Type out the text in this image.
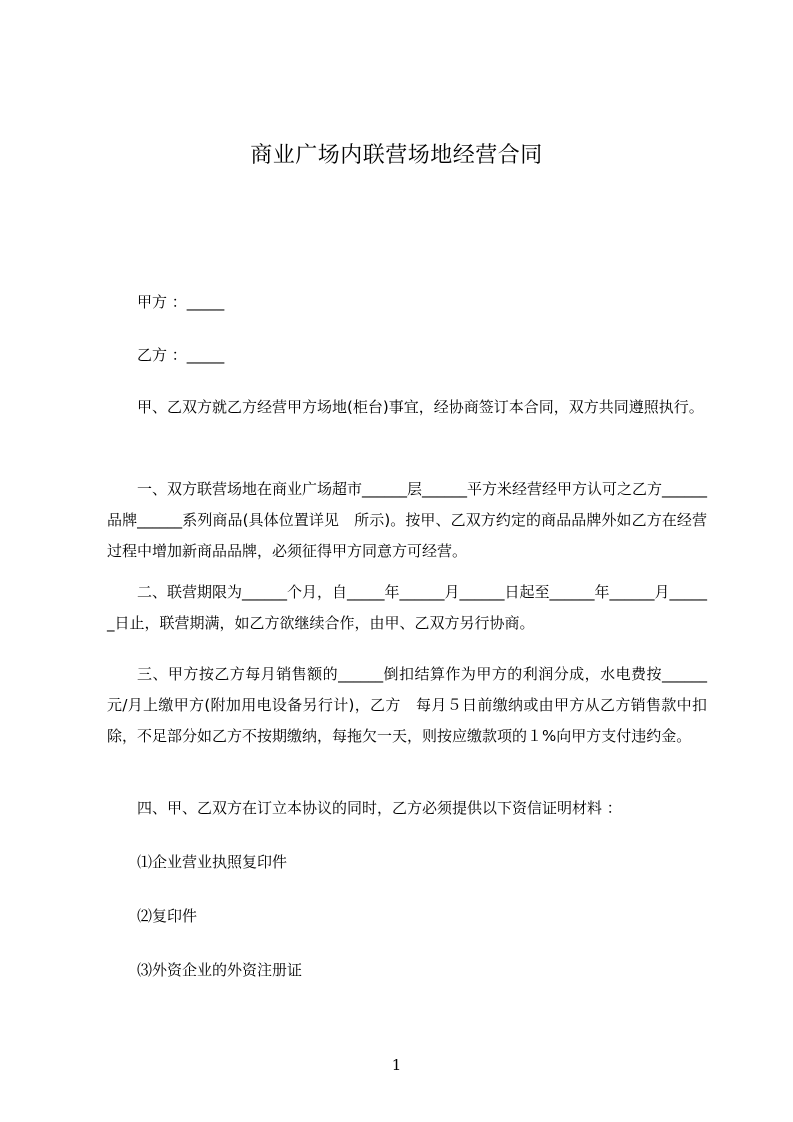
商业广场内联营场地经营合同
甲方 ：_____
乙方 ：_____
甲、乙双方就乙方经营甲方场地(柜台)事宜，经协商签订本合同，双方共同遵照执行。
一、双方联营场地在商业广场超市______层______平方米经营经甲方认可之乙方______品牌______系列商品(具体位置详见　所示)。按甲、乙双方约定的商品品牌外如乙方在经营过程中增加新商品品牌，必须征得甲方同意方可经营。
二、联营期限为______个月，自_____年______月______日起至______年______月______日止，联营期满，如乙方欲继续合作，由甲、乙双方另行协商。
三、甲方按乙方每月销售额的______倒扣结算作为甲方的利润分成，水电费按______元/月上缴甲方(附加用电设备另行计)，乙方　每月５日前缴纳或由甲方从乙方销售款中扣除，不足部分如乙方不按期缴纳，每拖欠一天，则按应缴款项的１%向甲方支付违约金。
四、甲、乙双方在订立本协议的同时，乙方必须提供以下资信证明材料 ：
⑴企业营业执照复印件
⑵复印件
⑶外资企业的外资注册证
1
